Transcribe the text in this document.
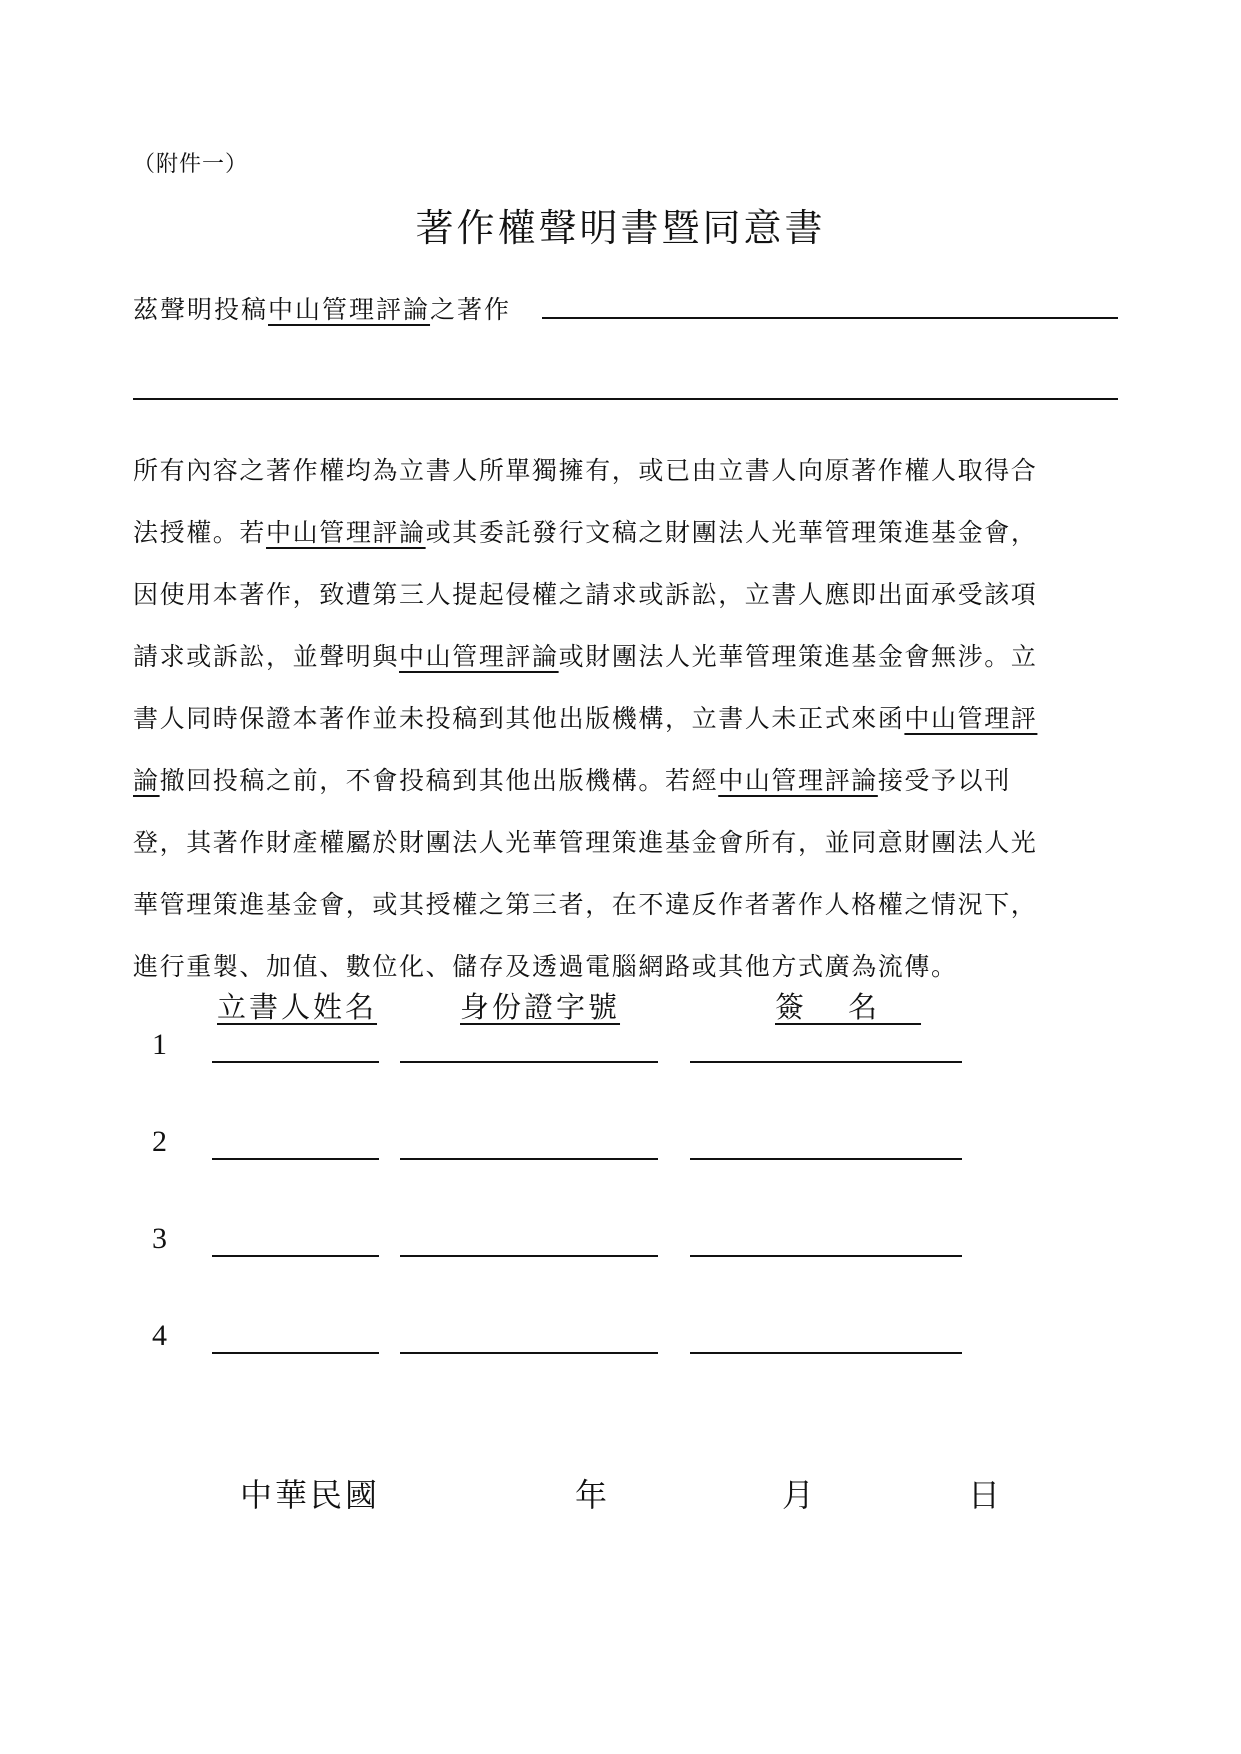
（附件一）
著作權聲明書暨同意書
茲聲明投稿中山管理評論之著作
所有內容之著作權均為立書人所單獨擁有，或已由立書人向原著作權人取得合
法授權。若中山管理評論或其委託發行文稿之財團法人光華管理策進基金會，
因使用本著作，致遭第三人提起侵權之請求或訴訟，立書人應即出面承受該項
請求或訴訟，並聲明與中山管理評論或財團法人光華管理策進基金會無涉。立
書人同時保證本著作並未投稿到其他出版機構，立書人未正式來函中山管理評
論撤回投稿之前，不會投稿到其他出版機構。若經中山管理評論接受予以刊
登，其著作財產權屬於財團法人光華管理策進基金會所有，並同意財團法人光
華管理策進基金會，或其授權之第三者，在不違反作者著作人格權之情況下，
進行重製、加值、數位化、儲存及透過電腦網路或其他方式廣為流傳。
立書人姓名	身份證字號	簽名
1
2
3
4
中華民國	年	月	日
